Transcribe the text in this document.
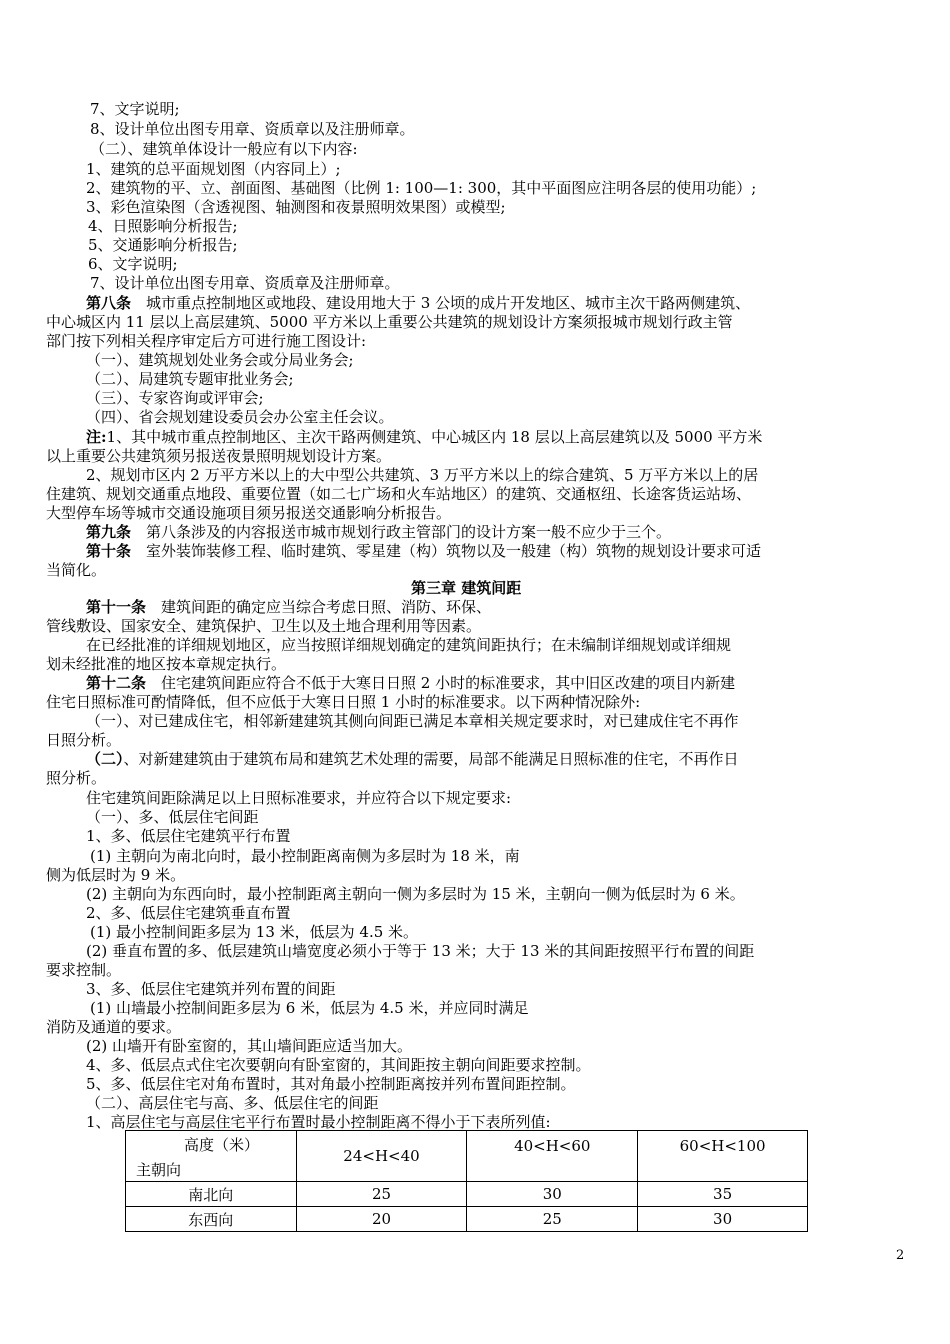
7、文字说明;
8、设计单位出图专用章、资质章以及注册师章。
（二）、建筑单体设计一般应有以下内容:
1、建筑的总平面规划图（内容同上）;
2、建筑物的平、立、剖面图、基础图（比例 1: 100—1: 300，其中平面图应注明各层的使用功能）;
3、彩色渲染图（含透视图、轴测图和夜景照明效果图）或模型;
4、日照影响分析报告;
5、交通影响分析报告;
6、文字说明;
7、设计单位出图专用章、资质章及注册师章。
第八条　城市重点控制地区或地段、建设用地大于 3 公顷的成片开发地区、城市主次干路两侧建筑、
中心城区内 11 层以上高层建筑、5000 平方米以上重要公共建筑的规划设计方案须报城市规划行政主管
部门按下列相关程序审定后方可进行施工图设计:
（一）、建筑规划处业务会或分局业务会;
（二）、局建筑专题审批业务会;
（三）、专家咨询或评审会;
（四）、省会规划建设委员会办公室主任会议。
注:1、其中城市重点控制地区、主次干路两侧建筑、中心城区内 18 层以上高层建筑以及 5000 平方米
以上重要公共建筑须另报送夜景照明规划设计方案。
2、规划市区内 2 万平方米以上的大中型公共建筑、3 万平方米以上的综合建筑、5 万平方米以上的居
住建筑、规划交通重点地段、重要位置（如二七广场和火车站地区）的建筑、交通枢纽、长途客货运站场、
大型停车场等城市交通设施项目须另报送交通影响分析报告。
第九条　第八条涉及的内容报送市城市规划行政主管部门的设计方案一般不应少于三个。
第十条　室外装饰装修工程、临时建筑、零星建（构）筑物以及一般建（构）筑物的规划设计要求可适
当简化。
第三章 建筑间距
第十一条　建筑间距的确定应当综合考虑日照、消防、环保、
管线敷设、国家安全、建筑保护、卫生以及土地合理利用等因素。
在已经批准的详细规划地区，应当按照详细规划确定的建筑间距执行；在未编制详细规划或详细规
划未经批准的地区按本章规定执行。
第十二条　住宅建筑间距应符合不低于大寒日日照 2 小时的标准要求，其中旧区改建的项目内新建
住宅日照标准可酌情降低，但不应低于大寒日日照 1 小时的标准要求。以下两种情况除外:
（一）、对已建成住宅，相邻新建建筑其侧向间距已满足本章相关规定要求时，对已建成住宅不再作
日照分析。
（二）、对新建建筑由于建筑布局和建筑艺术处理的需要，局部不能满足日照标准的住宅，不再作日
照分析。
住宅建筑间距除满足以上日照标准要求，并应符合以下规定要求:
（一）、多、低层住宅间距
1、多、低层住宅建筑平行布置
(1) 主朝向为南北向时，最小控制距离南侧为多层时为 18 米，南
侧为低层时为 9 米。
(2) 主朝向为东西向时，最小控制距离主朝向一侧为多层时为 15 米，主朝向一侧为低层时为 6 米。
2、多、低层住宅建筑垂直布置
(1) 最小控制间距多层为 13 米，低层为 4.5 米。
(2) 垂直布置的多、低层建筑山墙宽度必须小于等于 13 米；大于 13 米的其间距按照平行布置的间距
要求控制。
3、多、低层住宅建筑并列布置的间距
(1) 山墙最小控制间距多层为 6 米，低层为 4.5 米，并应同时满足
消防及通道的要求。
(2) 山墙开有卧室窗的，其山墙间距应适当加大。
4、多、低层点式住宅次要朝向有卧室窗的，其间距按主朝向间距要求控制。
5、多、低层住宅对角布置时，其对角最小控制距离按并列布置间距控制。
（二）、高层住宅与高、多、低层住宅的间距
1、高层住宅与高层住宅平行布置时最小控制距离不得小于下表所列值:
高度（米）
主朝向	24<H<40	40<H<60	60<H<100
南北向	25	30	35
东西向	20	25	30
2
